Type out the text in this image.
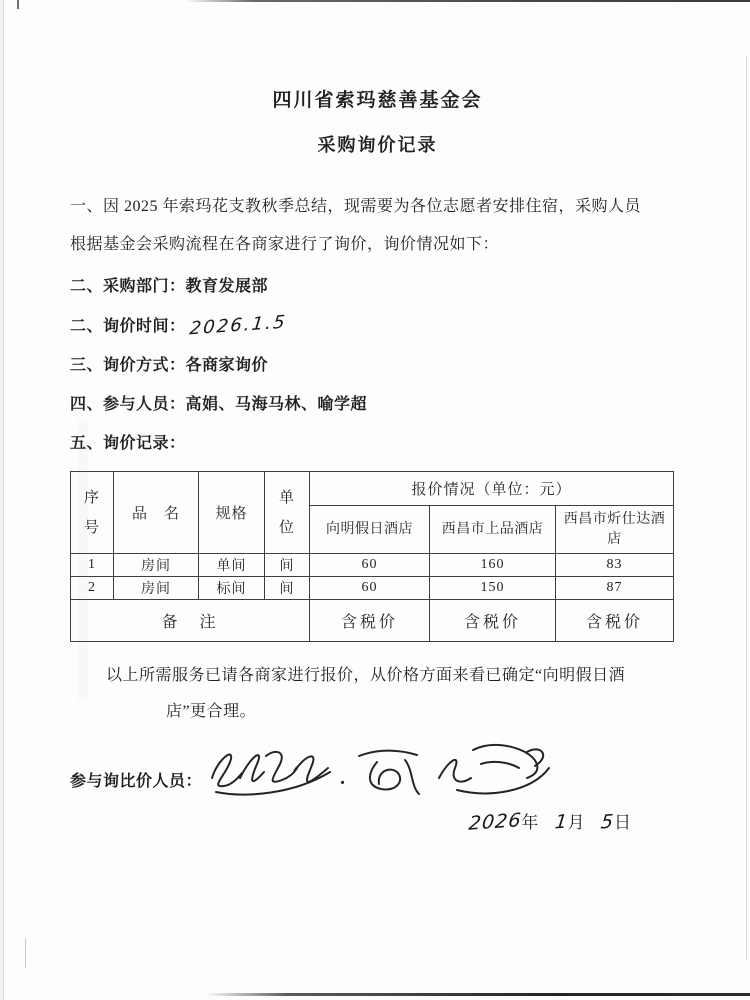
四川省索玛慈善基金会
采购询价记录

一、因 2025 年索玛花支教秋季总结，现需要为各位志愿者安排住宿，采购人员
根据基金会采购流程在各商家进行了询价，询价情况如下：

二、采购部门：教育发展部
二、询价时间： 2026.1.5
三、询价方式：各商家询价
四、参与人员：高娟、马海马林、喻学超
五、询价记录：
序号	品　名	规格	单位	报价情况（单位：元）		
				向明假日酒店	西昌市上品酒店	西昌市炘仕达酒店
1	房间	单间	间	60	160	83
2	房间	标间	间	60	150	87
备　注				含税价	含税价	含税价

以上所需服务已请各商家进行报价，从价格方面来看已确定“向明假日酒
店”更合理。

参与询比价人员：	.
2026年 1月 5日
